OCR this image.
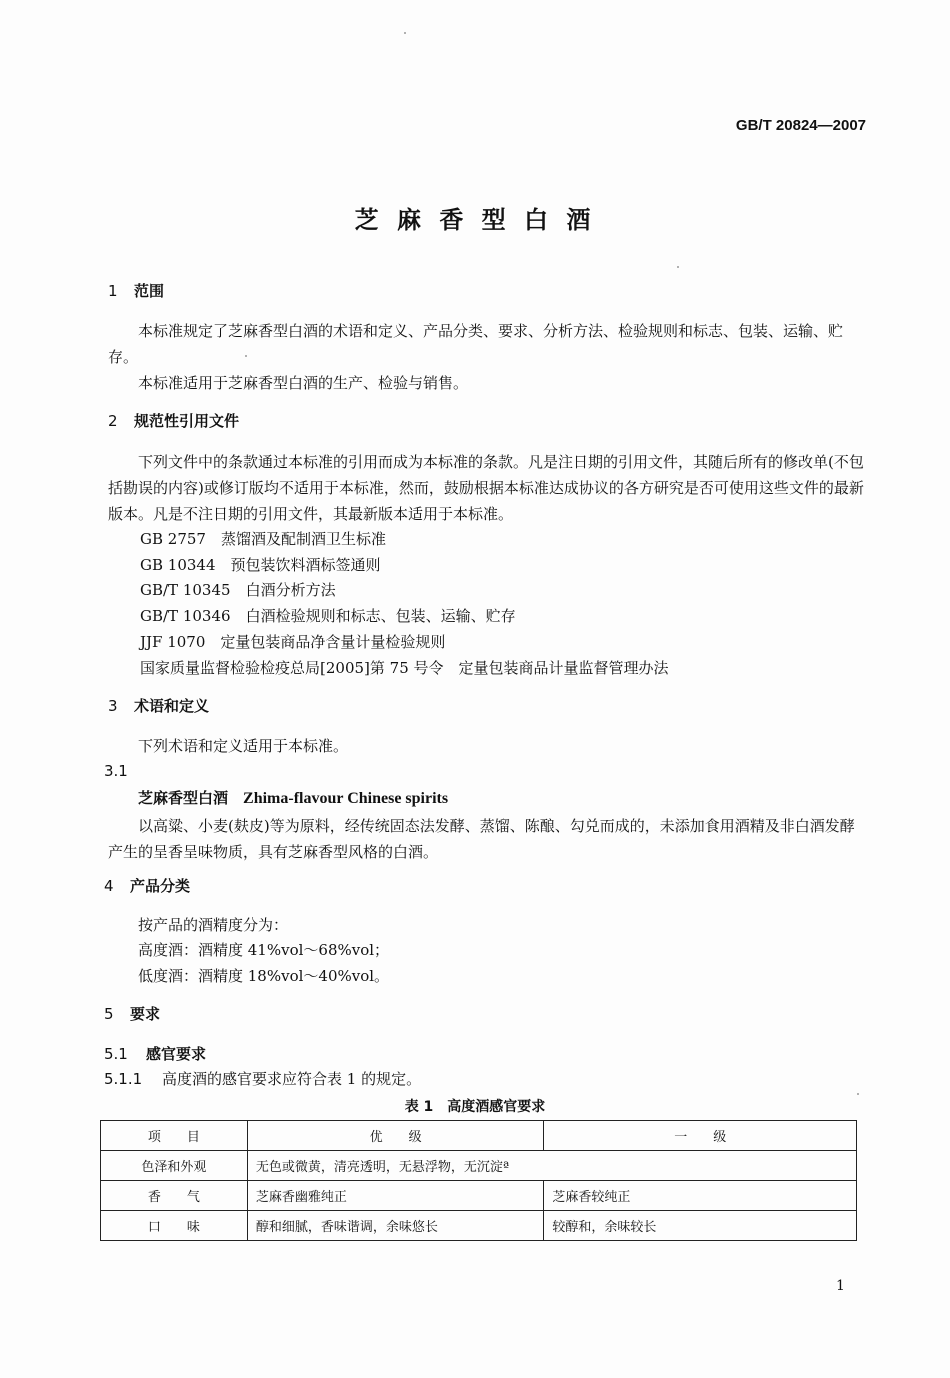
GB/T 20824—2007
芝 麻 香 型 白 酒
1 范围
本标准规定了芝麻香型白酒的术语和定义、产品分类、要求、分析方法、检验规则和标志、包装、运输、贮存。
本标准适用于芝麻香型白酒的生产、检验与销售。
2 规范性引用文件
下列文件中的条款通过本标准的引用而成为本标准的条款。凡是注日期的引用文件，其随后所有的修改单(不包括勘误的内容)或修订版均不适用于本标准，然而，鼓励根据本标准达成协议的各方研究是否可使用这些文件的最新版本。凡是不注日期的引用文件，其最新版本适用于本标准。
GB 2757　 蒸馏酒及配制酒卫生标准
GB 10344　 预包装饮料酒标签通则
GB/T 10345　 白酒分析方法
GB/T 10346　 白酒检验规则和标志、包装、运输、贮存
JJF 1070　 定量包装商品净含量计量检验规则
国家质量监督检验检疫总局[2005]第 75 号令　 定量包装商品计量监督管理办法
3 术语和定义
下列术语和定义适用于本标准。
3.1
芝麻香型白酒　 Zhima-flavour Chinese spirits
以高粱、小麦(麸皮)等为原料，经传统固态法发酵、蒸馏、陈酿、勾兑而成的，未添加食用酒精及非白酒发酵产生的呈香呈味物质，具有芝麻香型风格的白酒。
4 产品分类
按产品的酒精度分为：
高度酒：酒精度 41%vol～68%vol；
低度酒：酒精度 18%vol～40%vol。
5 要求
5.1 感官要求
5.1.1 高度酒的感官要求应符合表 1 的规定。
表 1　高度酒感官要求
项　　目	优　　级	一　　级
色泽和外观	无色或微黄，清亮透明，无悬浮物，无沉淀ª	
香　　气	芝麻香幽雅纯正	芝麻香较纯正
口　　味	醇和细腻，香味谐调，余味悠长	较醇和，余味较长
1
